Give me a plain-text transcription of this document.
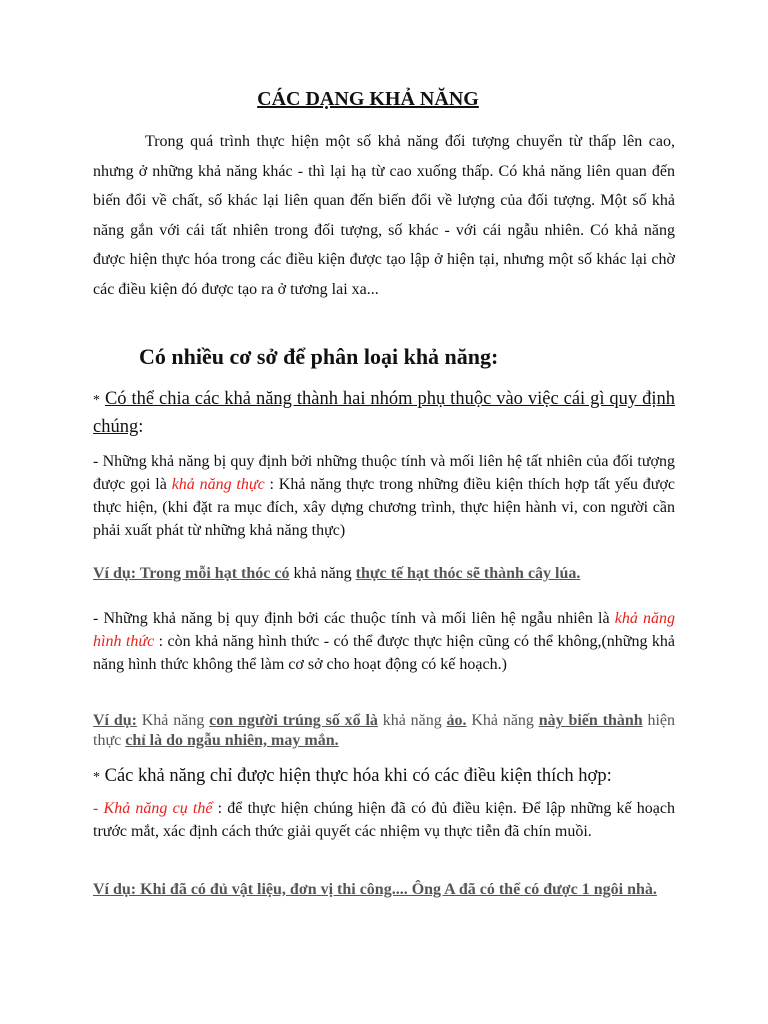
CÁC DẠNG KHẢ NĂNG
Trong quá trình thực hiện một số khả năng đối tượng chuyển từ thấp lên cao, nhưng ở những khả năng khác - thì lại hạ từ cao xuống thấp. Có khả năng liên quan đến biến đổi về chất, số khác lại liên quan đến biến đổi về lượng của đối tượng. Một số khả năng gắn với cái tất nhiên trong đối tượng, số khác - với cái ngẫu nhiên. Có khả năng được hiện thực hóa trong các điều kiện được tạo lập ở hiện tại, nhưng một số khác lại chờ các điều kiện đó được tạo ra ở tương lai xa...
Có nhiều cơ sở để phân loại khả năng:
* Có thể chia các khả năng thành hai nhóm phụ thuộc vào việc cái gì quy định chúng:
- Những khả năng bị quy định bởi những thuộc tính và mối liên hệ tất nhiên của đối tượng được gọi là khả năng thực : Khả năng thực trong những điều kiện thích hợp tất yếu được thực hiện, (khi đặt ra mục đích, xây dựng chương trình, thực hiện hành vi, con người cần phải xuất phát từ những khả năng thực)
Ví dụ: Trong mỗi hạt thóc có khả năng thực tế hạt thóc sẽ thành cây lúa.
- Những khả năng bị quy định bởi các thuộc tính và mối liên hệ ngẫu nhiên là khả năng hình thức : còn khả năng hình thức - có thể được thực hiện cũng có thể không,(những khả năng hình thức không thể làm cơ sở cho hoạt động có kế hoạch.)
Ví dụ: Khả năng con người trúng số xổ là khả năng ảo. Khả năng này biến thành hiện thực chỉ là do ngẫu nhiên, may mắn.
* Các khả năng chỉ được hiện thực hóa khi có các điều kiện thích hợp:
- Khả năng cụ thể : để thực hiện chúng hiện đã có đủ điều kiện. Để lập những kế hoạch trước mắt, xác định cách thức giải quyết các nhiệm vụ thực tiễn đã chín muồi.
Ví dụ: Khi đã có đủ vật liệu, đơn vị thi công.... Ông A đã có thể có được 1 ngôi nhà.
